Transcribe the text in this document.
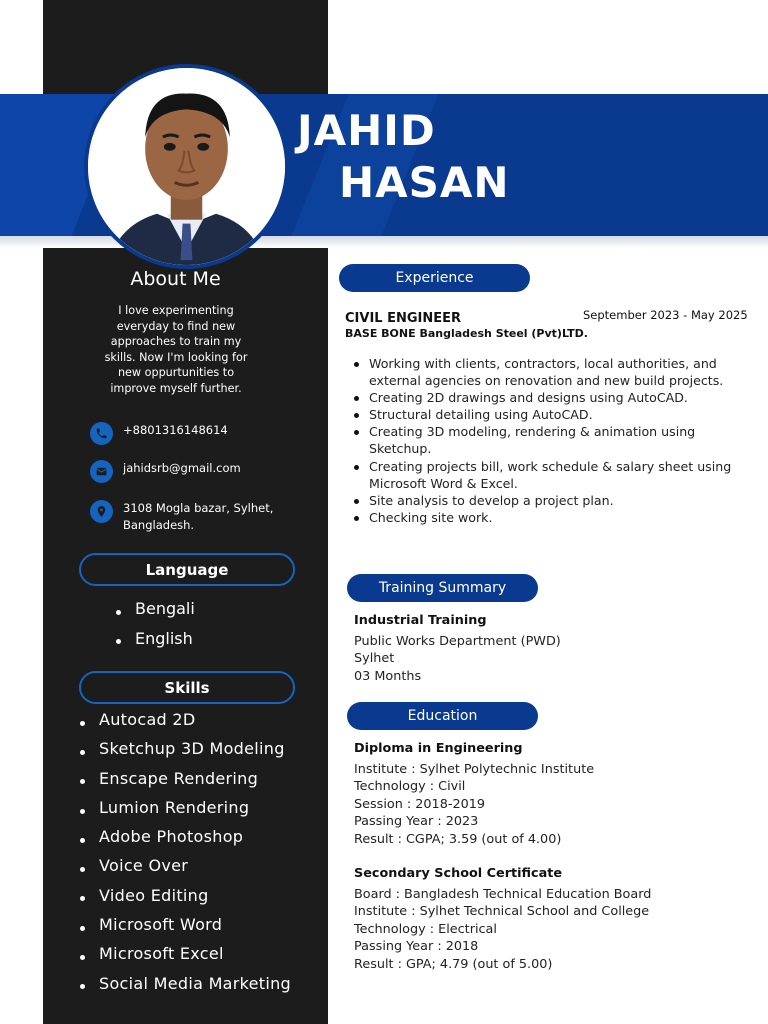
JAHID
HASAN
About Me
I love experimenting everyday to find new approaches to train my skills. Now I'm looking for new oppurtunities to improve myself further.
+8801316148614
jahidsrb@gmail.com
3108 Mogla bazar, Sylhet,
Bangladesh.
Language
Bengali
English
Skills
Autocad 2D
Sketchup 3D Modeling
Enscape Rendering
Lumion Rendering
Adobe Photoshop
Voice Over
Video Editing
Microsoft Word
Microsoft Excel
Social Media Marketing
Experience
CIVIL ENGINEER	September 2023 - May 2025
BASE BONE Bangladesh Steel (Pvt)LTD.
Working with clients, contractors, local authorities, and external agencies on renovation and new build projects.
Creating 2D drawings and designs using AutoCAD.
Structural detailing using AutoCAD.
Creating 3D modeling, rendering & animation using Sketchup.
Creating projects bill, work schedule & salary sheet using Microsoft Word & Excel.
Site analysis to develop a project plan.
Checking site work.
Training Summary
Industrial Training
Public Works Department (PWD)
Sylhet
03 Months
Education
Diploma in Engineering
Institute : Sylhet Polytechnic Institute
Technology : Civil
Session : 2018-2019
Passing Year : 2023
Result : CGPA; 3.59 (out of 4.00)
Secondary School Certificate
Board : Bangladesh Technical Education Board
Institute : Sylhet Technical School and College
Technology : Electrical
Passing Year : 2018
Result : GPA; 4.79 (out of 5.00)
